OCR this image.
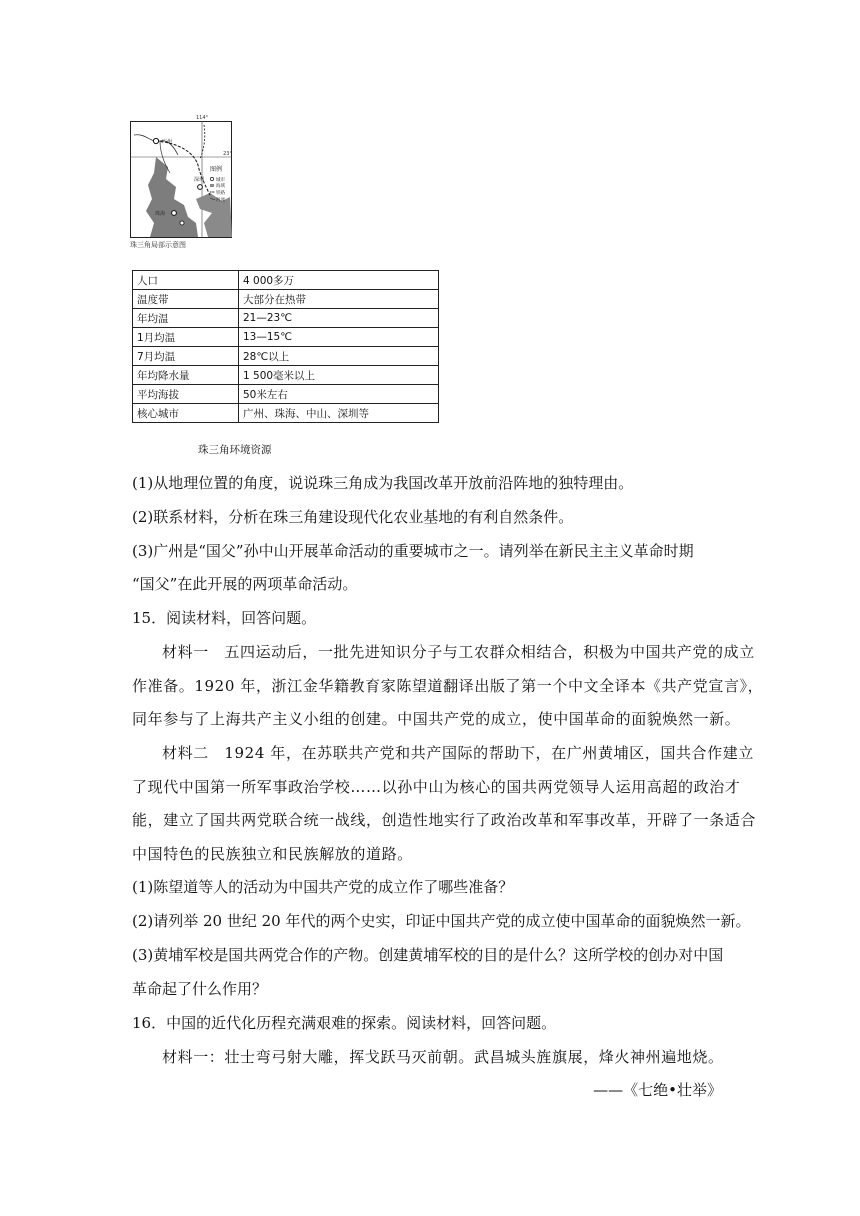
广州
珠海
深圳
114°
23°
图例
城市
海域
铁路
河流
珠三角局部示意图
人口	4 000多万
温度带	大部分在热带
年均温	21—23℃
1月均温	13—15℃
7月均温	28℃以上
年均降水量	1 500毫米以上
平均海拔	50米左右
核心城市	广州、珠海、中山、深圳等
珠三角环境资源
(1)从地理位置的角度，说说珠三角成为我国改革开放前沿阵地的独特理由。
(2)联系材料，分析在珠三角建设现代化农业基地的有利自然条件。
(3)广州是“国父”孙中山开展革命活动的重要城市之一。请列举在新民主主义革命时期
“国父”在此开展的两项革命活动。
15．阅读材料，回答问题。
材料一　五四运动后，一批先进知识分子与工农群众相结合，积极为中国共产党的成立
作准备。1920 年，浙江金华籍教育家陈望道翻译出版了第一个中文全译本《共产党宣言》，
同年参与了上海共产主义小组的创建。中国共产党的成立，使中国革命的面貌焕然一新。
材料二　1924 年，在苏联共产党和共产国际的帮助下，在广州黄埔区，国共合作建立
了现代中国第一所军事政治学校……以孙中山为核心的国共两党领导人运用高超的政治才
能，建立了国共两党联合统一战线，创造性地实行了政治改革和军事改革，开辟了一条适合
中国特色的民族独立和民族解放的道路。
(1)陈望道等人的活动为中国共产党的成立作了哪些准备？
(2)请列举 20 世纪 20 年代的两个史实，印证中国共产党的成立使中国革命的面貌焕然一新。
(3)黄埔军校是国共两党合作的产物。创建黄埔军校的目的是什么？这所学校的创办对中国
革命起了什么作用？
16．中国的近代化历程充满艰难的探索。阅读材料，回答问题。
材料一：壮士弯弓射大雕，挥戈跃马灭前朝。武昌城头旌旗展，烽火神州遍地烧。
——《七绝•壮举》
